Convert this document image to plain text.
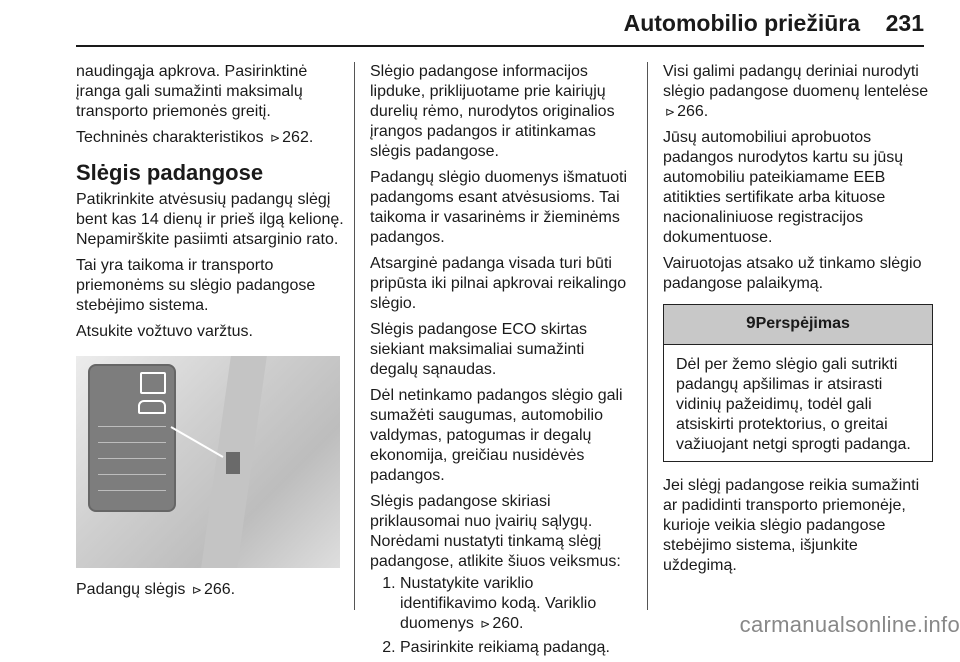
Automobilio priežiūra 231

naudingąja apkrova. Pasirinktinė įranga gali sumažinti maksimalų transporto priemonės greitį.

Techninės charakteristikos ⊳ 262.

Slėgis padangose

Patikrinkite atvėsusių padangų slėgį bent kas 14 dienų ir prieš ilgą kelionę. Nepamirškite pasiimti atsarginio rato.

Tai yra taikoma ir transporto priemonėms su slėgio padangose stebėjimo sistema.

Atsukite vožtuvo varžtus.

Padangų slėgis ⊳ 266.

Slėgio padangose informacijos lipduke, priklijuotame prie kairiųjų durelių rėmo, nurodytos originalios įrangos padangos ir atitinkamas slėgis padangose.

Padangų slėgio duomenys išmatuoti padangoms esant atvėsusioms. Tai taikoma ir vasarinėms ir žieminėms padangos.

Atsarginė padanga visada turi būti pripūsta iki pilnai apkrovai reikalingo slėgio.

Slėgis padangose ECO skirtas siekiant maksimaliai sumažinti degalų sąnaudas.

Dėl netinkamo padangos slėgio gali sumažėti saugumas, automobilio valdymas, patogumas ir degalų ekonomija, greičiau nusidėvės padangos.

Slėgis padangose skiriasi priklausomai nuo įvairių sąlygų. Norėdami nustatyti tinkamą slėgį padangose, atlikite šiuos veiksmus:

1. Nustatykite variklio identifikavimo kodą. Variklio duomenys ⊳ 260.
2. Pasirinkite reikiamą padangą.

Visi galimi padangų deriniai nurodyti slėgio padangose duomenų lentelėse ⊳ 266.

Jūsų automobiliui aprobuotos padangos nurodytos kartu su jūsų automobiliu pateikiamame EEB atitikties sertifikate arba kituose nacionaliniuose registracijos dokumentuose.

Vairuotojas atsako už tinkamo slėgio padangose palaikymą.

9Perspėjimas
Dėl per žemo slėgio gali sutrikti padangų apšilimas ir atsirasti vidinių pažeidimų, todėl gali atsiskirti protektorius, o greitai važiuojant netgi sprogti padanga.

Jei slėgį padangose reikia sumažinti ar padidinti transporto priemonėje, kurioje veikia slėgio padangose stebėjimo sistema, išjunkite uždegimą.

carmanualsonline.info
